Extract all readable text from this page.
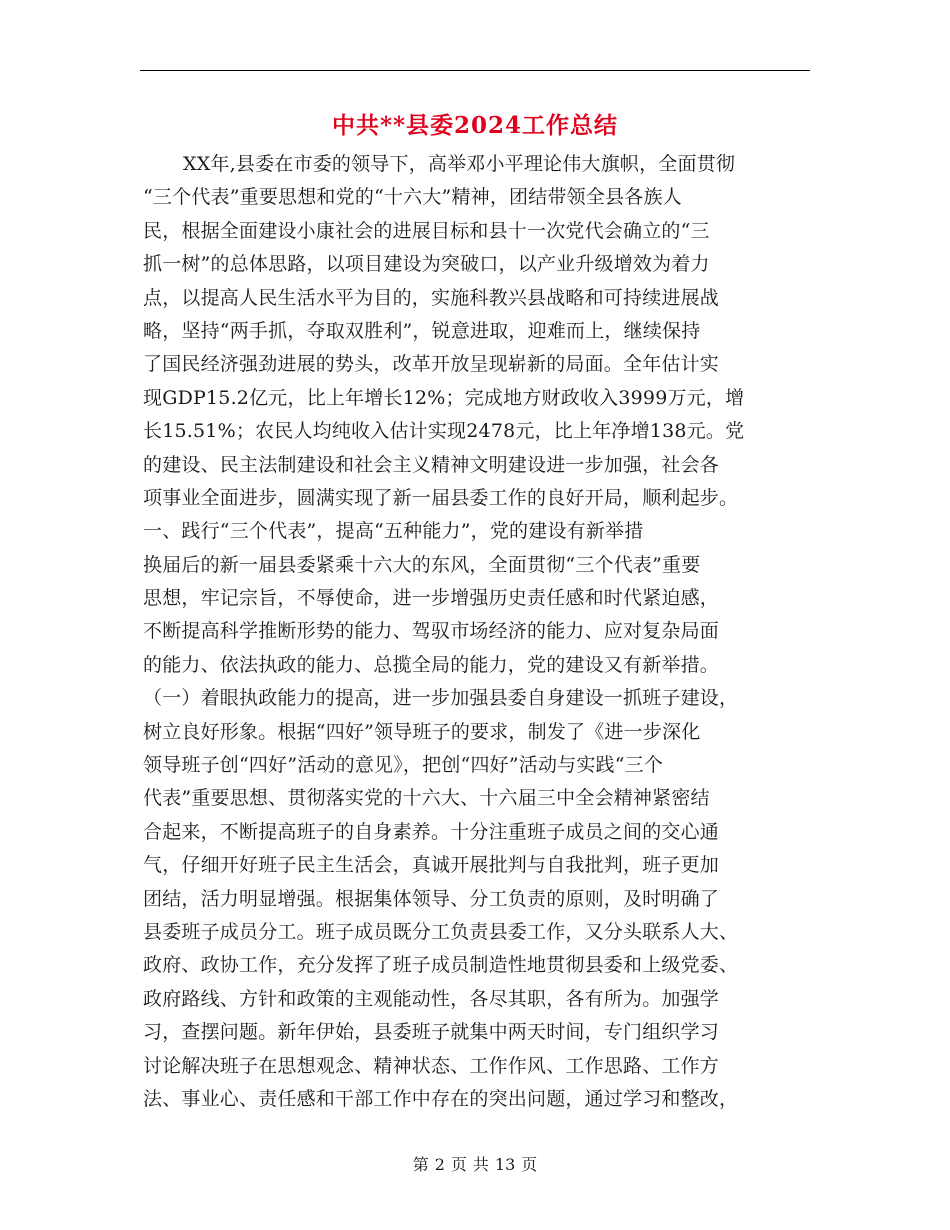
中共**县委2024工作总结
XX年,县委在市委的领导下，高举邓小平理论伟大旗帜，全面贯彻
“三个代表”重要思想和党的“十六大”精神，团结带领全县各族人
民，根据全面建设小康社会的进展目标和县十一次党代会确立的“三
抓一树”的总体思路，以项目建设为突破口，以产业升级增效为着力
点，以提高人民生活水平为目的，实施科教兴县战略和可持续进展战
略，坚持“两手抓，夺取双胜利”，锐意进取，迎难而上，继续保持
了国民经济强劲进展的势头，改革开放呈现崭新的局面。全年估计实
现GDP15.2亿元，比上年增长12%；完成地方财政收入3999万元，增
长15.51%；农民人均纯收入估计实现2478元，比上年净增138元。党
的建设、民主法制建设和社会主义精神文明建设进一步加强，社会各
项事业全面进步，圆满实现了新一届县委工作的良好开局，顺利起步。
一、践行“三个代表”，提高“五种能力”，党的建设有新举措
换届后的新一届县委紧乘十六大的东风，全面贯彻“三个代表”重要
思想，牢记宗旨，不辱使命，进一步增强历史责任感和时代紧迫感，
不断提高科学推断形势的能力、驾驭市场经济的能力、应对复杂局面
的能力、依法执政的能力、总揽全局的能力，党的建设又有新举措。
（一）着眼执政能力的提高，进一步加强县委自身建设一抓班子建设，
树立良好形象。根据“四好”领导班子的要求，制发了《进一步深化
领导班子创“四好”活动的意见》，把创“四好”活动与实践“三个
代表”重要思想、贯彻落实党的十六大、十六届三中全会精神紧密结
合起来，不断提高班子的自身素养。十分注重班子成员之间的交心通
气，仔细开好班子民主生活会，真诚开展批判与自我批判，班子更加
团结，活力明显增强。根据集体领导、分工负责的原则，及时明确了
县委班子成员分工。班子成员既分工负责县委工作，又分头联系人大、
政府、政协工作，充分发挥了班子成员制造性地贯彻县委和上级党委、
政府路线、方针和政策的主观能动性，各尽其职，各有所为。加强学
习，查摆问题。新年伊始，县委班子就集中两天时间，专门组织学习
讨论解决班子在思想观念、精神状态、工作作风、工作思路、工作方
法、事业心、责任感和干部工作中存在的突出问题，通过学习和整改，
第 2 页 共 13 页
